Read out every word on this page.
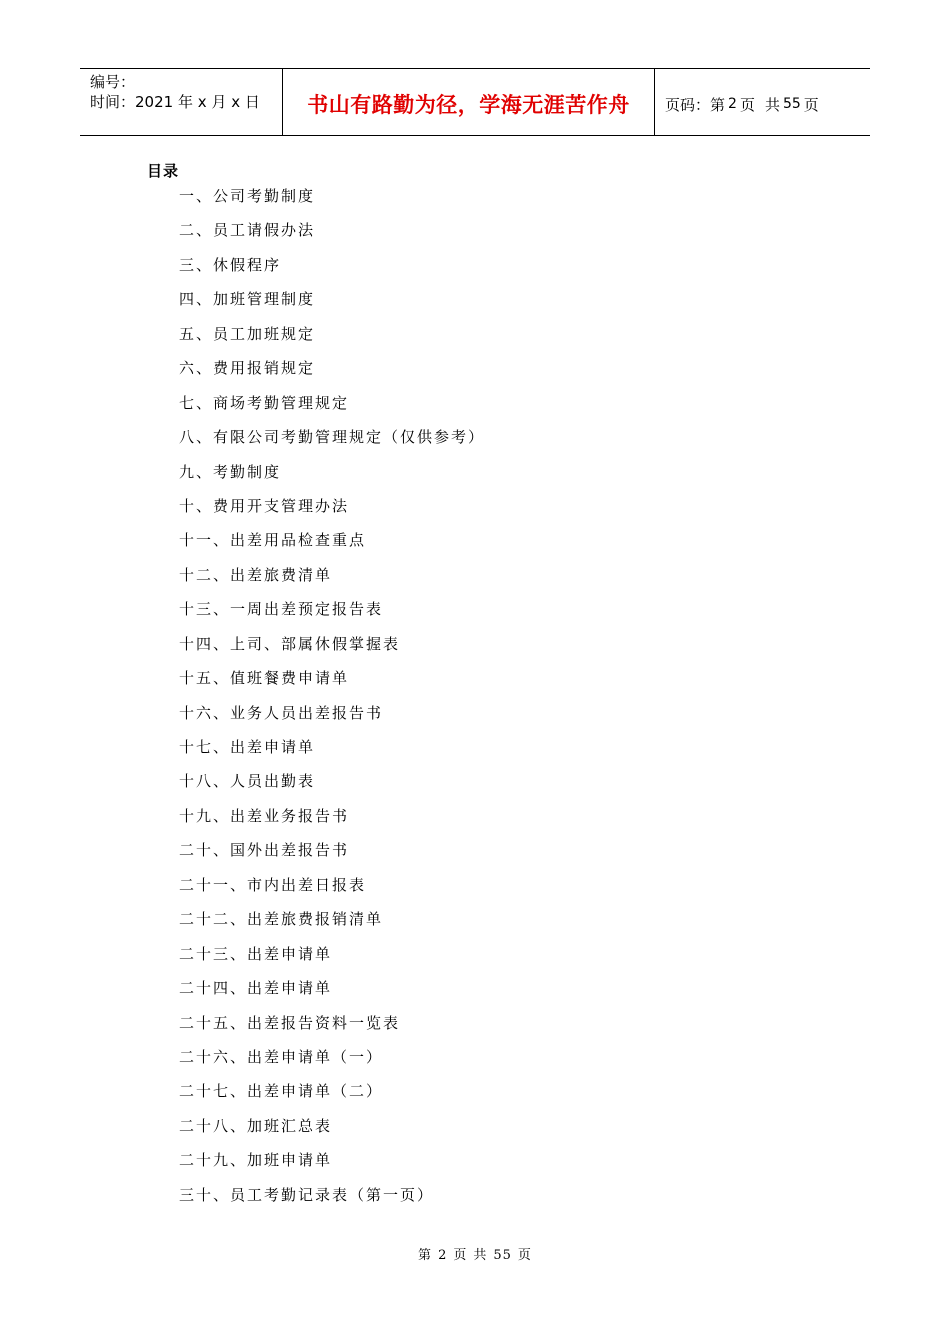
编号：
时间：2021 年 x 月 x 日	书山有路勤为径，学海无涯苦作舟 页码：第 2 页 共 55 页
目录
一、公司考勤制度
二、员工请假办法
三、休假程序
四、加班管理制度
五、员工加班规定
六、费用报销规定
七、商场考勤管理规定
八、有限公司考勤管理规定（仅供参考）
九、考勤制度
十、费用开支管理办法
十一、出差用品检查重点
十二、出差旅费清单
十三、一周出差预定报告表
十四、上司、部属休假掌握表
十五、值班餐费申请单
十六、业务人员出差报告书
十七、出差申请单
十八、人员出勤表
十九、出差业务报告书
二十、国外出差报告书
二十一、市内出差日报表
二十二、出差旅费报销清单
二十三、出差申请单
二十四、出差申请单
二十五、出差报告资料一览表
二十六、出差申请单（一）
二十七、出差申请单（二）
二十八、加班汇总表
二十九、加班申请单
三十、员工考勤记录表（第一页）
第 2 页 共 55 页
